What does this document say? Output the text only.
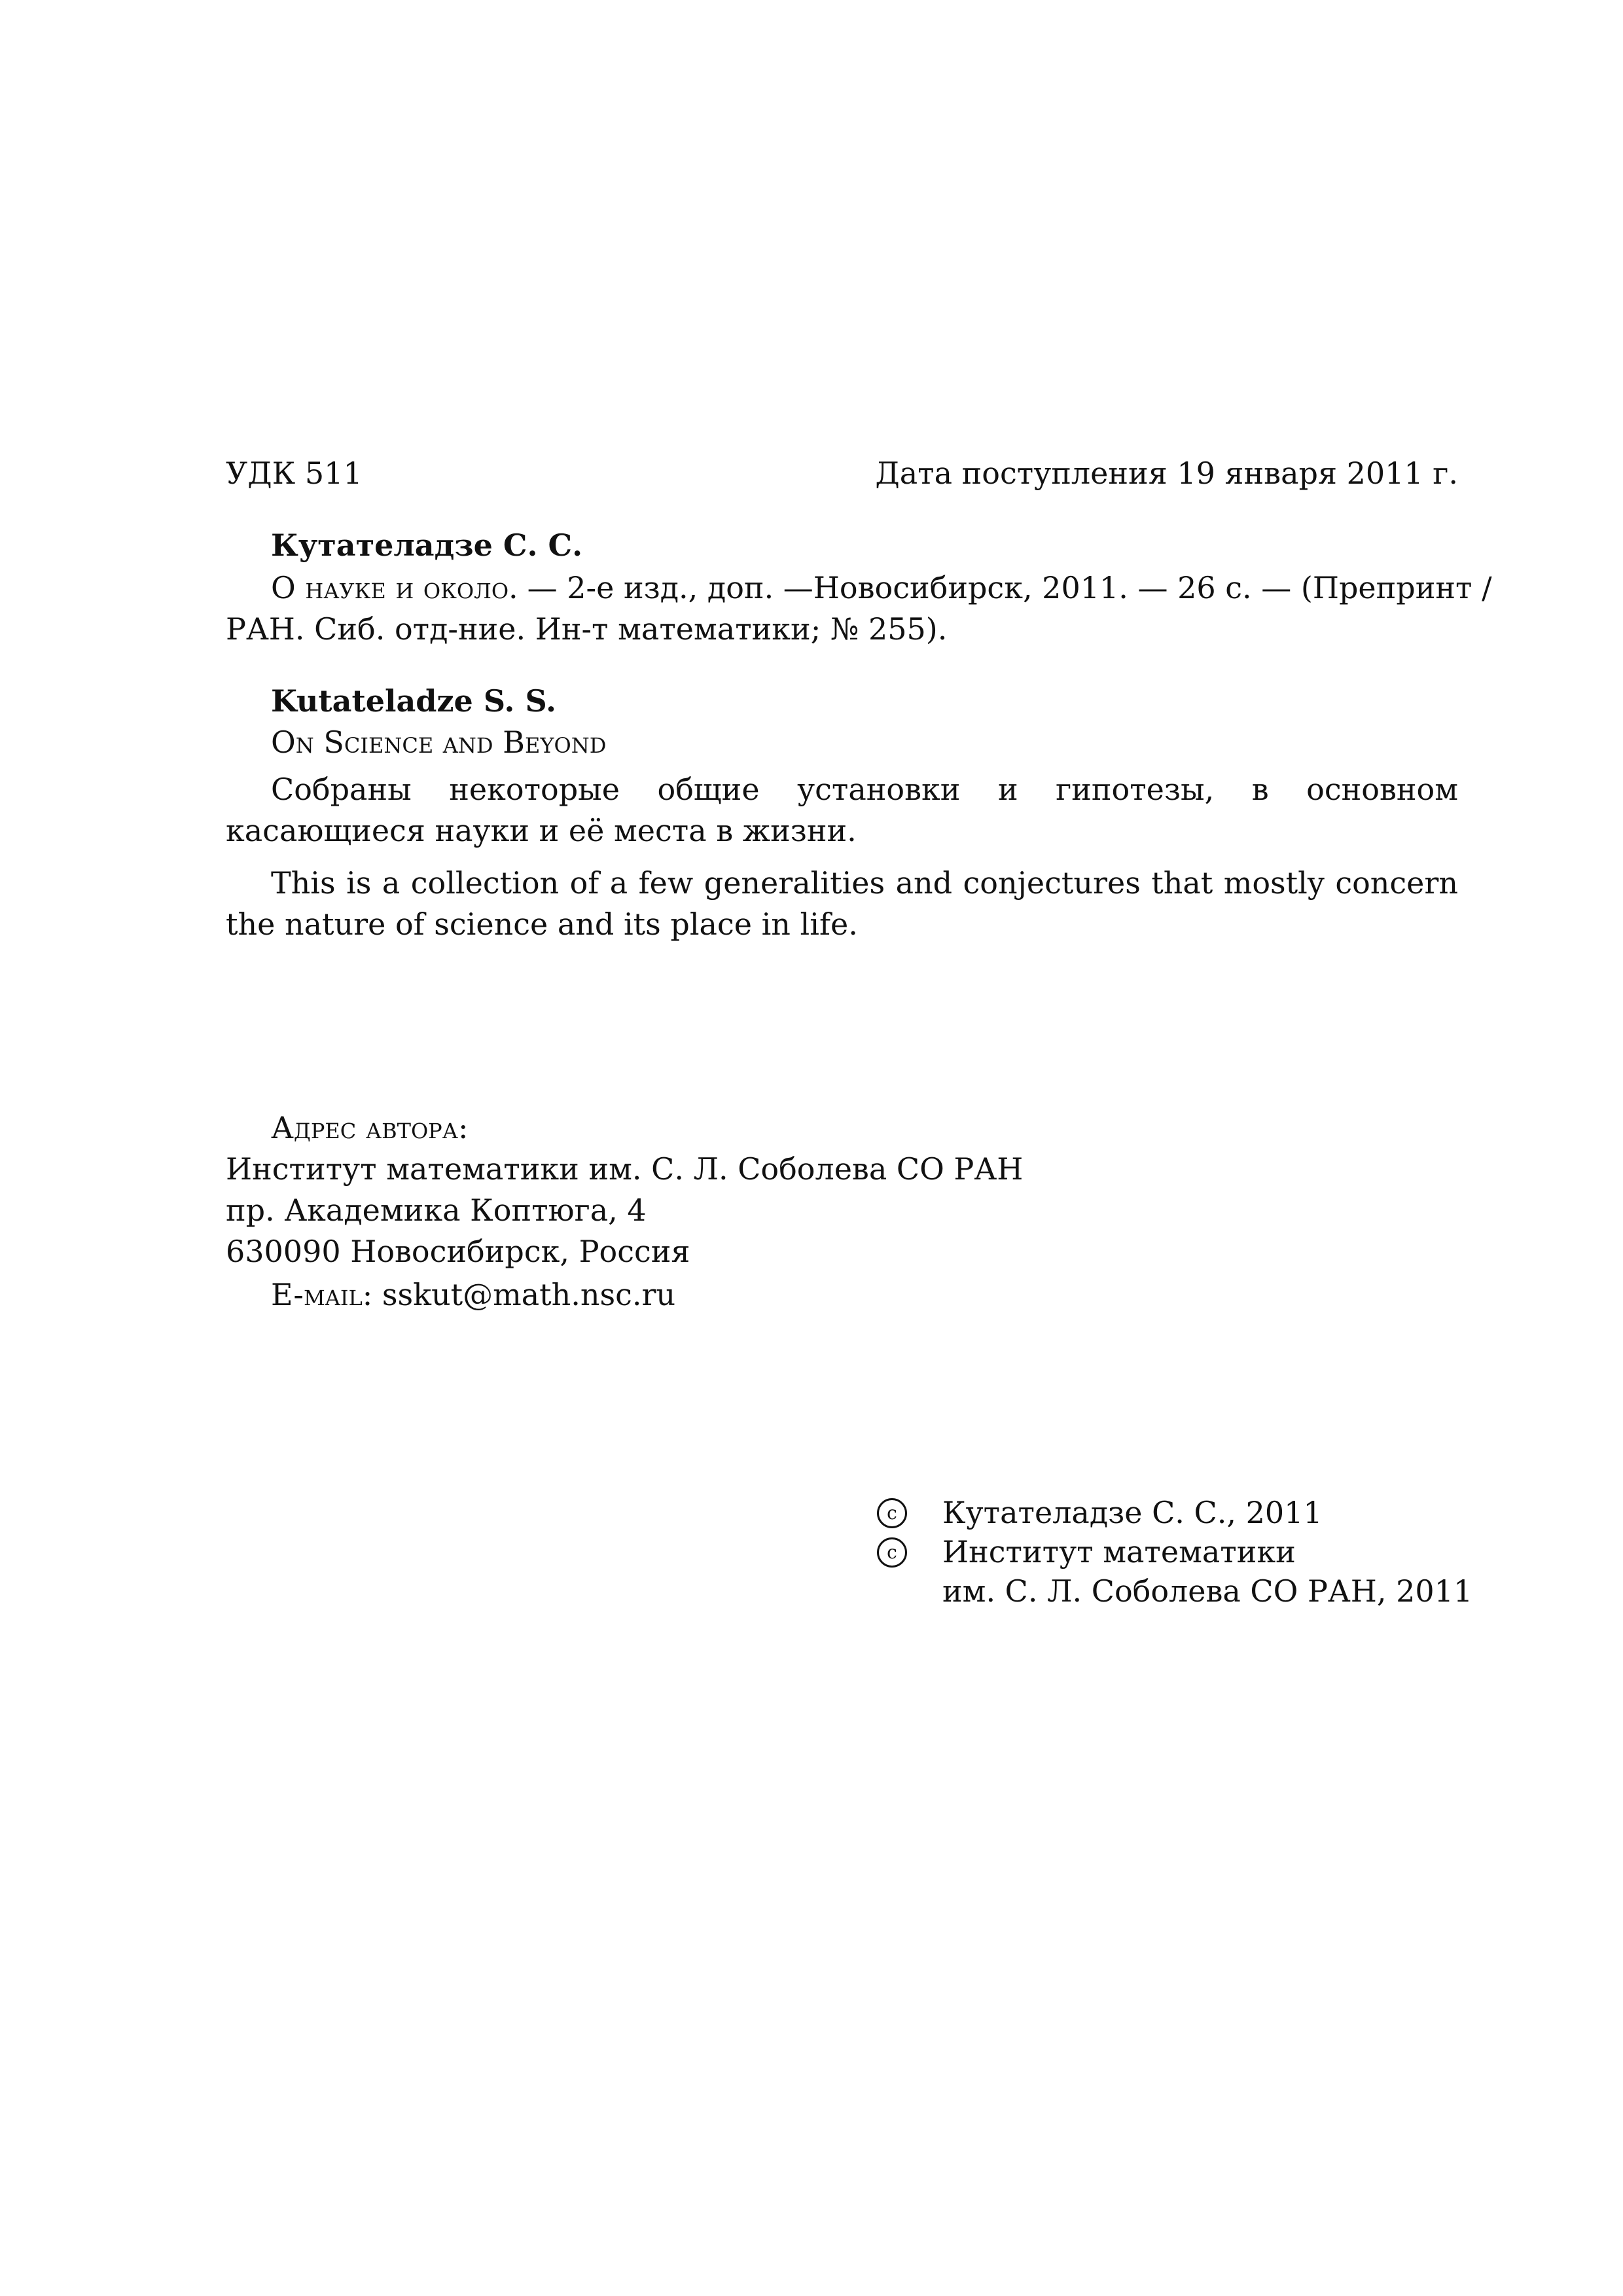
УДК 511	Дата поступления 19 января 2011 г.
Кутателадзе С. С.
О науке и около. — 2-е изд., доп. —Новосибирск, 2011. — 26 с. — (Препринт /
РАН. Сиб. отд-ние. Ин-т математики; № 255).
Kutateladze S. S.
On Science and Beyond
Собраны некоторые общие установки и гипотезы, в основном касающиеся науки и её места в жизни.
This is a collection of a few generalities and conjectures that mostly concern the nature of science and its place in life.
Адрес автора:
Институт математики им. С. Л. Соболева СО РАН
пр. Академика Коптюга, 4
630090 Новосибирск, Россия
E-mail: sskut@math.nsc.ru
c	Кутателадзе С. С., 2011
c	Институт математики
им. С. Л. Соболева СО РАН, 2011
